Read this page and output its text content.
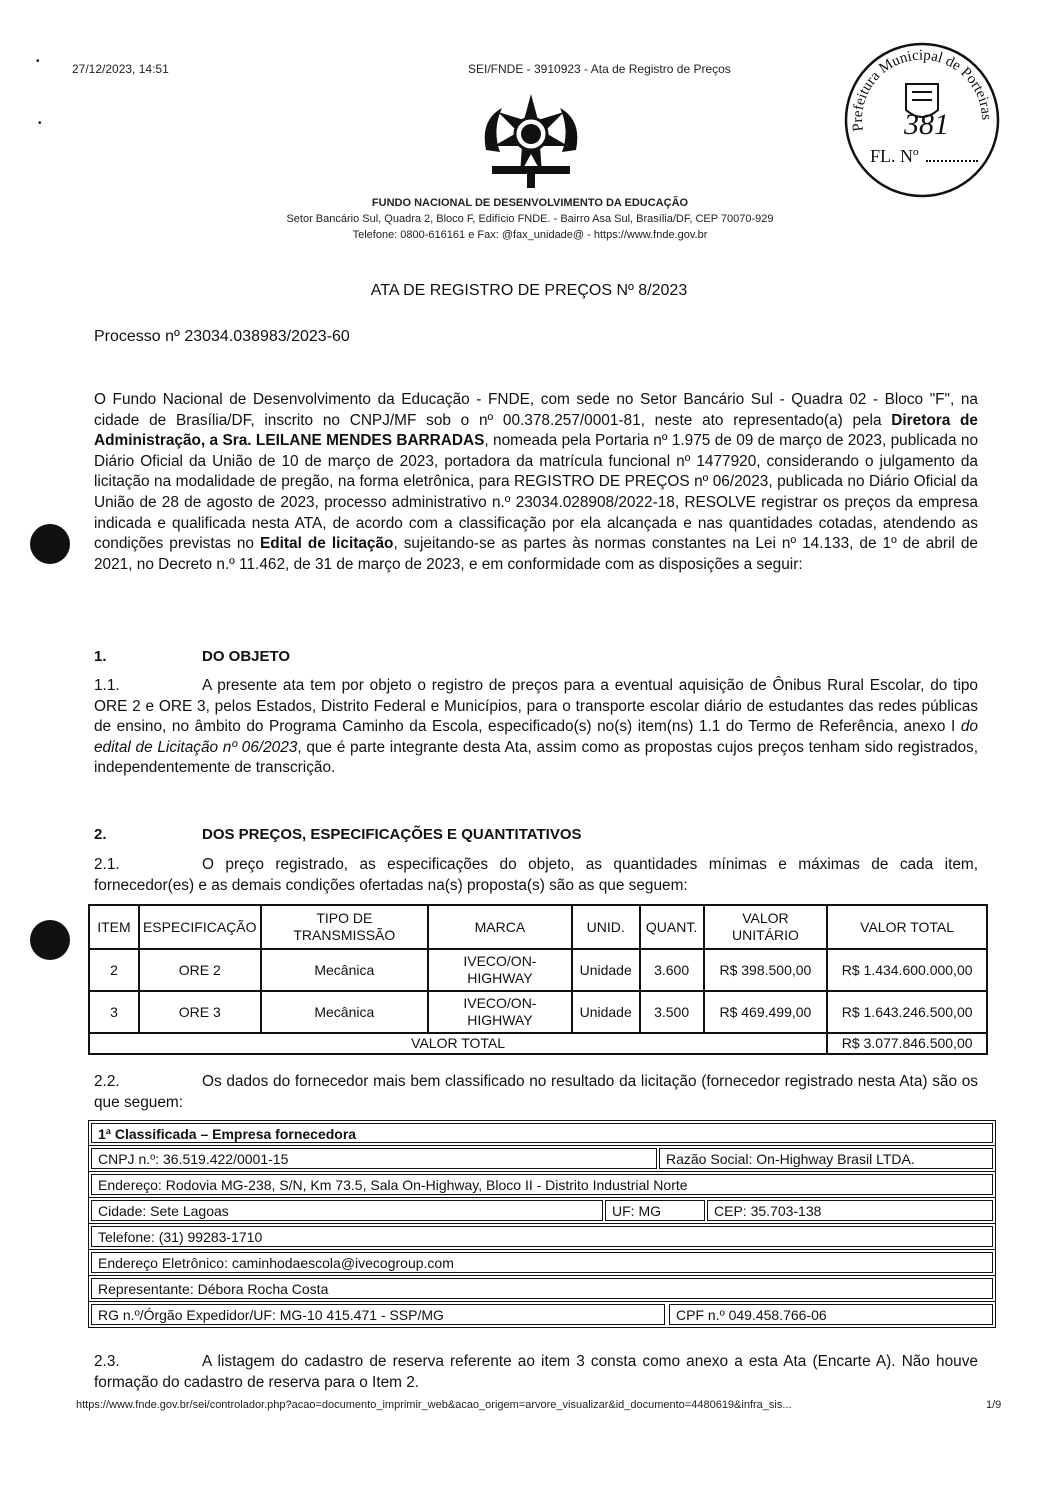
27/12/2023, 14:51	SEI/FNDE - 3910923 - Ata de Registro de Preços
•
•	Prefeitura Municipal de Porteiras
FL. Nº
381
FUNDO NACIONAL DE DESENVOLVIMENTO DA EDUCAÇÃO
Setor Bancário Sul, Quadra 2, Bloco F, Edifício FNDE. - Bairro Asa Sul, Brasília/DF, CEP 70070-929
Telefone: 0800-616161 e Fax: @fax_unidade@ - https://www.fnde.gov.br
ATA DE REGISTRO DE PREÇOS Nº 8/2023
Processo nº 23034.038983/2023-60
O Fundo Nacional de Desenvolvimento da Educação - FNDE, com sede no Setor Bancário Sul - Quadra 02 - Bloco "F", na cidade de Brasília/DF, inscrito no CNPJ/MF sob o nº 00.378.257/0001-81, neste ato representado(a) pela Diretora de Administração, a Sra. LEILANE MENDES BARRADAS, nomeada pela Portaria nº 1.975 de 09 de março de 2023, publicada no Diário Oficial da União de 10 de março de 2023, portadora da matrícula funcional nº 1477920, considerando o julgamento da licitação na modalidade de pregão, na forma eletrônica, para REGISTRO DE PREÇOS nº 06/2023, publicada no Diário Oficial da União de 28 de agosto de 2023, processo administrativo n.º 23034.028908/2022-18, RESOLVE registrar os preços da empresa indicada e qualificada nesta ATA, de acordo com a classificação por ela alcançada e nas quantidades cotadas, atendendo as condições previstas no Edital de licitação, sujeitando-se as partes às normas constantes na Lei nº 14.133, de 1º de abril de 2021, no Decreto n.º 11.462, de 31 de março de 2023, e em conformidade com as disposições a seguir:
1.	DO OBJETO
1.1.	A presente ata tem por objeto o registro de preços para a eventual aquisição de Ônibus Rural Escolar, do tipo ORE 2 e ORE 3, pelos Estados, Distrito Federal e Municípios, para o transporte escolar diário de estudantes das redes públicas de ensino, no âmbito do Programa Caminho da Escola, especificado(s) no(s) item(ns) 1.1 do Termo de Referência, anexo I do edital de Licitação nº 06/2023, que é parte integrante desta Ata, assim como as propostas cujos preços tenham sido registrados, independentemente de transcrição.
2.	DOS PREÇOS, ESPECIFICAÇÕES E QUANTITATIVOS
2.1.	O preço registrado, as especificações do objeto, as quantidades mínimas e máximas de cada item, fornecedor(es) e as demais condições ofertadas na(s) proposta(s) são as que seguem:
ITEM	ESPECIFICAÇÃO	TIPO DE TRANSMISSÃO	MARCA	UNID.	QUANT.	VALOR UNITÁRIO	VALOR TOTAL
2	ORE 2	Mecânica	IVECO/ON-HIGHWAY	Unidade	3.600	R$ 398.500,00	R$ 1.434.600.000,00
3	ORE 3	Mecânica	IVECO/ON-HIGHWAY	Unidade	3.500	R$ 469.499,00	R$ 1.643.246.500,00
VALOR TOTAL							R$ 3.077.846.500,00
2.2.	Os dados do fornecedor mais bem classificado no resultado da licitação (fornecedor registrado nesta Ata) são os que seguem:
1ª Classificada – Empresa fornecedora
CNPJ n.º: 36.519.422/0001-15	Razão Social: On-Highway Brasil LTDA.
Endereço: Rodovia MG-238, S/N, Km 73.5, Sala On-Highway, Bloco II - Distrito Industrial Norte
Cidade: Sete Lagoas	UF: MG	CEP: 35.703-138
Telefone: (31) 99283-1710
Endereço Eletrônico: caminhodaescola@ivecogroup.com
Representante: Débora Rocha Costa
RG n.º/Órgão Expedidor/UF: MG-10 415.471 - SSP/MG	CPF n.º 049.458.766-06
2.3.	A listagem do cadastro de reserva referente ao item 3 consta como anexo a esta Ata (Encarte A). Não houve formação do cadastro de reserva para o Item 2.
https://www.fnde.gov.br/sei/controlador.php?acao=documento_imprimir_web&acao_origem=arvore_visualizar&id_documento=4480619&infra_sis...	1/9
